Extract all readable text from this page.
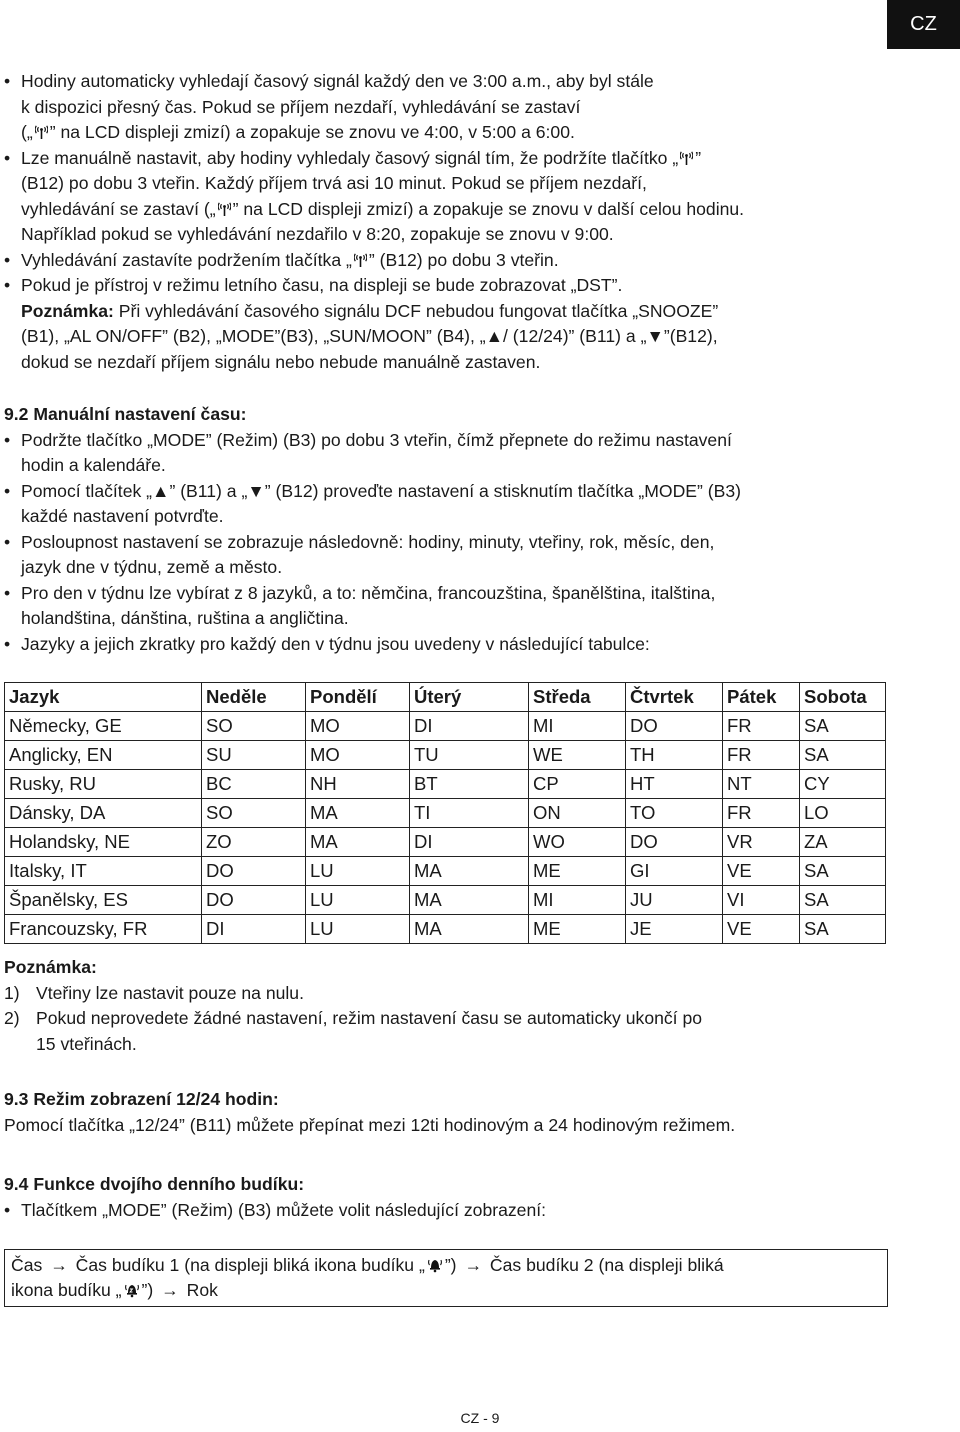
CZ
• Hodiny automaticky vyhledají časový signál každý den ve 3:00 a.m., aby byl stále
k dispozici přesný čas. Pokud se příjem nezdaří, vyhledávání se zastaví
(„ ” na LCD displeji zmizí) a zopakuje se znovu ve 4:00, v 5:00 a 6:00.
• Lze manuálně nastavit, aby hodiny vyhledaly časový signál tím, že podržíte tlačítko „ ”
(B12) po dobu 3 vteřin. Každý příjem trvá asi 10 minut. Pokud se příjem nezdaří,
vyhledávání se zastaví („ ” na LCD displeji zmizí) a zopakuje se znovu v další celou hodinu.
Například pokud se vyhledávání nezdařilo v 8:20, zopakuje se znovu v 9:00.
• Vyhledávání zastavíte podržením tlačítka „ ” (B12) po dobu 3 vteřin.
• Pokud je přístroj v režimu letního času, na displeji se bude zobrazovat „DST”.
Poznámka: Při vyhledávání časového signálu DCF nebudou fungovat tlačítka „SNOOZE”
(B1), „AL ON/OFF” (B2), „MODE”(B3), „SUN/MOON” (B4), „▲/ (12/24)” (B11) a „▼”(B12),
dokud se nezdaří příjem signálu nebo nebude manuálně zastaven.
9.2 Manuální nastavení času:
• Podržte tlačítko „MODE” (Režim) (B3) po dobu 3 vteřin, čímž přepnete do režimu nastavení
hodin a kalendáře.
• Pomocí tlačítek „▲” (B11) a „▼” (B12) proveďte nastavení a stisknutím tlačítka „MODE” (B3)
každé nastavení potvrďte.
• Posloupnost nastavení se zobrazuje následovně: hodiny, minuty, vteřiny, rok, měsíc, den,
jazyk dne v týdnu, země a město.
• Pro den v týdnu lze vybírat z 8 jazyků, a to: němčina, francouzština, španělština, italština,
holandština, dánština, ruština a angličtina.
• Jazyky a jejich zkratky pro každý den v týdnu jsou uvedeny v následující tabulce:
Jazyk	Neděle	Pondělí	Úterý	Středa	Čtvrtek	Pátek	Sobota
Německy, GE	SO	MO	DI	MI	DO	FR	SA
Anglicky, EN	SU	MO	TU	WE	TH	FR	SA
Rusky, RU	BC	NH	BT	CP	HT	NT	CY
Dánsky, DA	SO	MA	TI	ON	TO	FR	LO
Holandsky, NE	ZO	MA	DI	WO	DO	VR	ZA
Italsky, IT	DO	LU	MA	ME	GI	VE	SA
Španělsky, ES	DO	LU	MA	MI	JU	VI	SA
Francouzsky, FR	DI	LU	MA	ME	JE	VE	SA
Poznámka:
1) Vteřiny lze nastavit pouze na nulu.
2) Pokud neprovedete žádné nastavení, režim nastavení času se automaticky ukončí po
15 vteřinách.
9.3 Režim zobrazení 12/24 hodin:
Pomocí tlačítka „12/24” (B11) můžete přepínat mezi 12ti hodinovým a 24 hodinovým režimem.
9.4 Funkce dvojího denního budíku:
• Tlačítkem „MODE” (Režim) (B3) můžete volit následující zobrazení:
Čas → Čas budíku 1 (na displeji bliká ikona budíku „ ”) → Čas budíku 2 (na displeji bliká
ikona budíku „ ”) → Rok
CZ - 9
